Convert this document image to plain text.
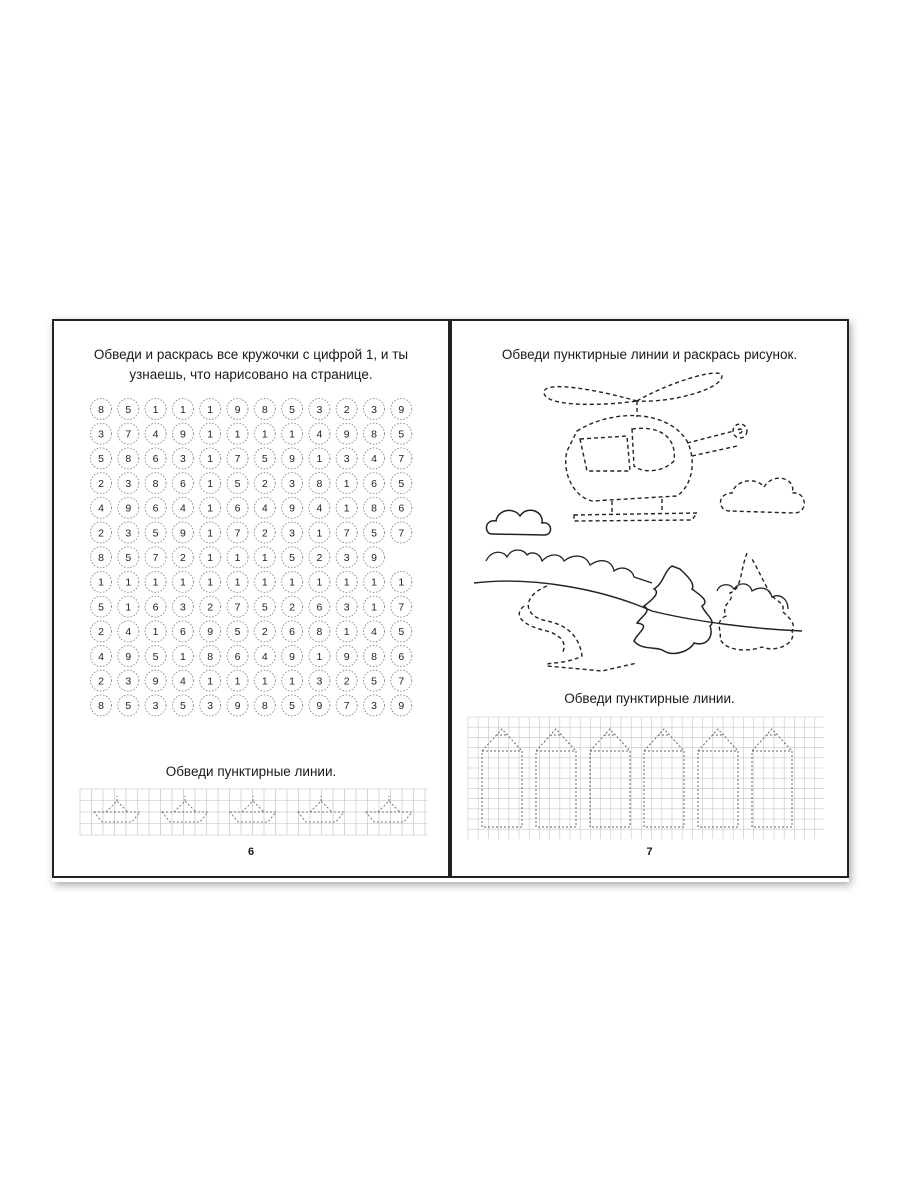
Обведи и раскрась все кружочки с цифрой 1, и ты
узнаешь, что нарисовано на странице.
8 5 1 1 1 9 8 5 3 2 3 9
3 7 4 9 1 1 1 1 4 9 8 5
5 8 6 3 1 7 5 9 1 3 4 7
2 3 8 6 1 5 2 3 8 1 6 5
4 9 6 4 1 6 4 9 4 1 8 6
2 3 5 9 1 7 2 3 1 7 5 7
8 5 7 2 1 1 1 5 2 3 9
1 1 1 1 1 1 1 1 1 1 1 1
5 1 6 3 2 7 5 2 6 3 1 7
2 4 1 6 9 5 2 6 8 1 4 5
4 9 5 1 8 6 4 9 1 9 8 6
2 3 9 4 1 1 1 1 3 2 5 7
8 5 3 5 3 9 8 5 9 7 3 9
Обведи пунктирные линии.
6
Обведи пунктирные линии и раскрась рисунок.
Обведи пунктирные линии.
7
